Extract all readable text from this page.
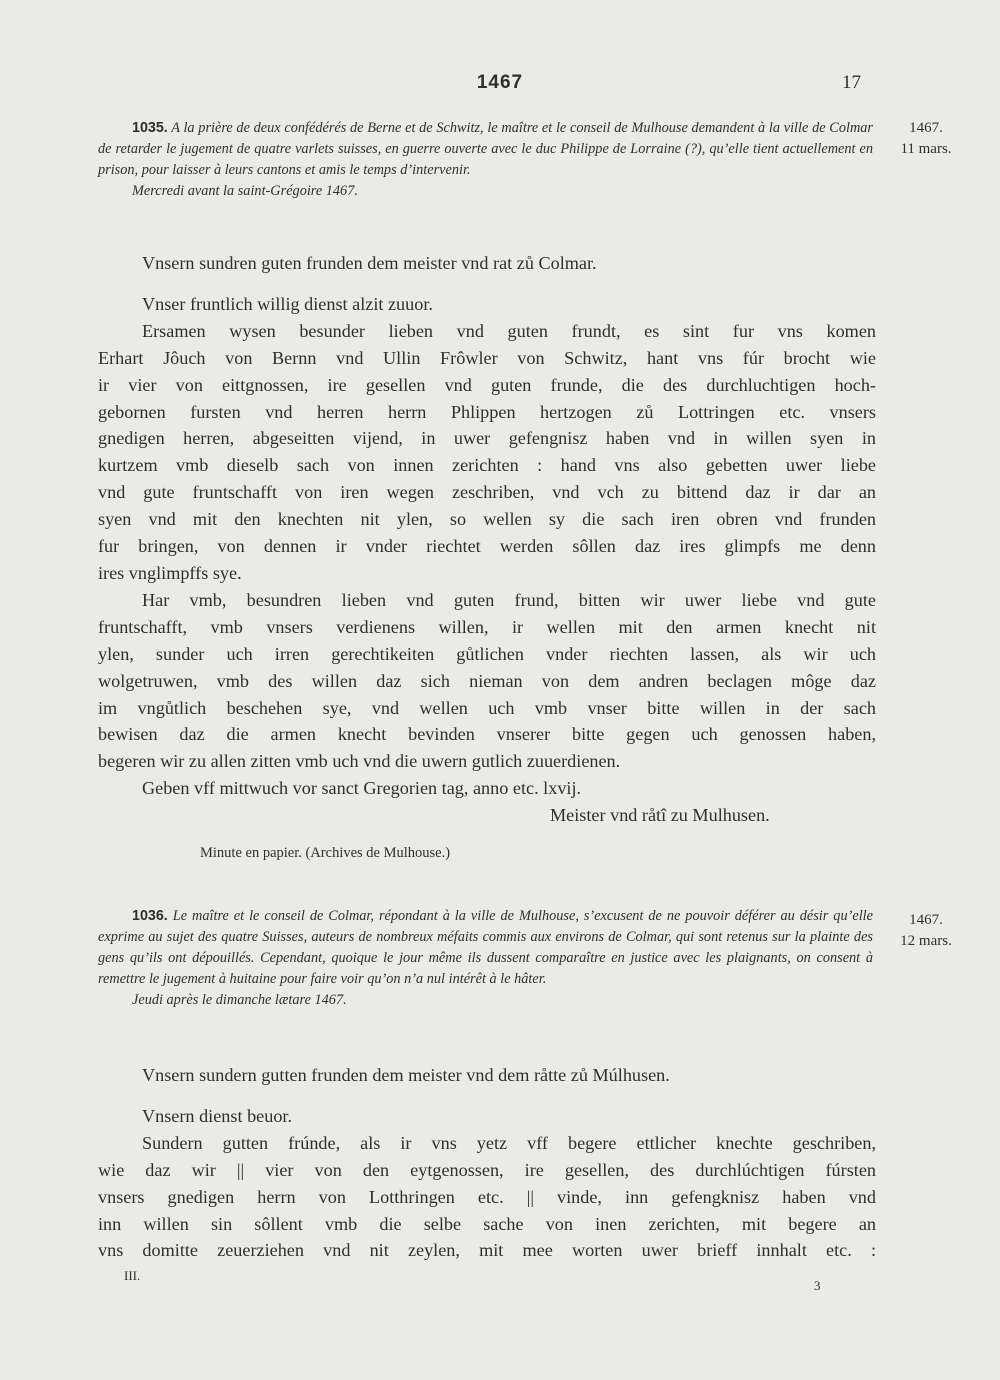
1467	17

1035. A la prière de deux confédérés de Berne et de Schwitz, le maître et le conseil de Mulhouse demandent à la ville de Colmar de retarder le jugement de quatre varlets suisses, en guerre ouverte avec le duc Philippe de Lorraine (?), qu’elle tient actuellement en prison, pour laisser à leurs cantons et amis le temps d’intervenir.

Mercredi avant la saint-Grégoire 1467.

1467.
11 mars.
Vnsern sundren guten frunden dem meister vnd rat zů Colmar.
Vnser fruntlich willig dienst alzit zuuor.
Ersamen wysen besunder lieben vnd guten frundt, es sint fur vns komen
Erhart Jôuch von Bernn vnd Ullin Frôwler von Schwitz, hant vns fúr brocht wie
ir vier von eittgnossen, ire gesellen vnd guten frunde, die des durchluchtigen hoch-
gebornen fursten vnd herren herrn Phlippen hertzogen zů Lottringen etc. vnsers
gnedigen herren, abgeseitten vijend, in uwer gefengnisz haben vnd in willen syen in
kurtzem vmb dieselb sach von innen zerichten : hand vns also gebetten uwer liebe
vnd gute fruntschafft von iren wegen zeschriben, vnd vch zu bittend daz ir dar an
syen vnd mit den knechten nit ylen, so wellen sy die sach iren obren vnd frunden
fur bringen, von dennen ir vnder riechtet werden sôllen daz ires glimpfs me denn
ires vnglimpffs sye.
Har vmb, besundren lieben vnd guten frund, bitten wir uwer liebe vnd gute
fruntschafft, vmb vnsers verdienens willen, ir wellen mit den armen knecht nit
ylen, sunder uch irren gerechtikeiten gůtlichen vnder riechten lassen, als wir uch
wolgetruwen, vmb des willen daz sich nieman von dem andren beclagen môge daz
im vngůtlich beschehen sye, vnd wellen uch vmb vnser bitte willen in der sach
bewisen daz die armen knecht bevinden vnserer bitte gegen uch genossen haben,
begeren wir zu allen zitten vmb uch vnd die uwern gutlich zuuerdienen.
Geben vff mittwuch vor sanct Gregorien tag, anno etc. lxvij.
Meister vnd råtî zu Mulhusen.
Minute en papier. (Archives de Mulhouse.)

1036. Le maître et le conseil de Colmar, répondant à la ville de Mulhouse, s’excusent de ne pouvoir déférer au désir qu’elle exprime au sujet des quatre Suisses, auteurs de nombreux méfaits commis aux environs de Colmar, qui sont retenus sur la plainte des gens qu’ils ont dépouillés. Cependant, quoique le jour même ils dussent comparaître en justice avec les plaignants, on consent à remettre le jugement à huitaine pour faire voir qu’on n’a nul intérêt à le hâter.

Jeudi après le dimanche lætare 1467.

1467.
12 mars.
Vnsern sundern gutten frunden dem meister vnd dem råtte zů Múlhusen.
Vnsern dienst beuor.
Sundern gutten frúnde, als ir vns yetz vff begere ettlicher knechte geschriben,
wie daz wir || vier von den eytgenossen, ire gesellen, des durchlúchtigen fúrsten
vnsers gnedigen herrn von Lotthringen etc. || vinde, inn gefengknisz haben vnd
inn willen sin sôllent vmb die selbe sache von inen zerichten, mit begere an
vns domitte zeuerziehen vnd nit zeylen, mit mee worten uwer brieff innhalt etc. :
III.
3
